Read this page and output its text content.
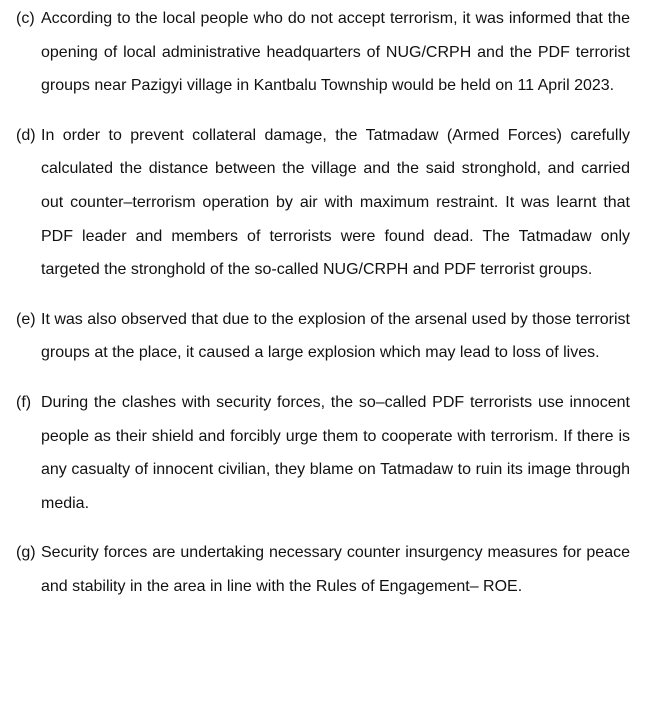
(c) According to the local people who do not accept terrorism, it was informed that the opening of local administrative headquarters of NUG/CRPH and the PDF terrorist groups near Pazigyi village in Kantbalu Township would be held on 11 April 2023.

(d) In order to prevent collateral damage, the Tatmadaw (Armed Forces) carefully calculated the distance between the village and the said stronghold, and carried out counter–terrorism operation by air with maximum restraint. It was learnt that PDF leader and members of terrorists were found dead. The Tatmadaw only targeted the stronghold of the so-called NUG/CRPH and PDF terrorist groups.

(e) It was also observed that due to the explosion of the arsenal used by those terrorist groups at the place, it caused a large explosion which may lead to loss of lives.

(f) During the clashes with security forces, the so–called PDF terrorists use innocent people as their shield and forcibly urge them to cooperate with terrorism. If there is any casualty of innocent civilian, they blame on Tatmadaw to ruin its image through media.

(g) Security forces are undertaking necessary counter insurgency measures for peace and stability in the area in line with the Rules of Engagement– ROE.
